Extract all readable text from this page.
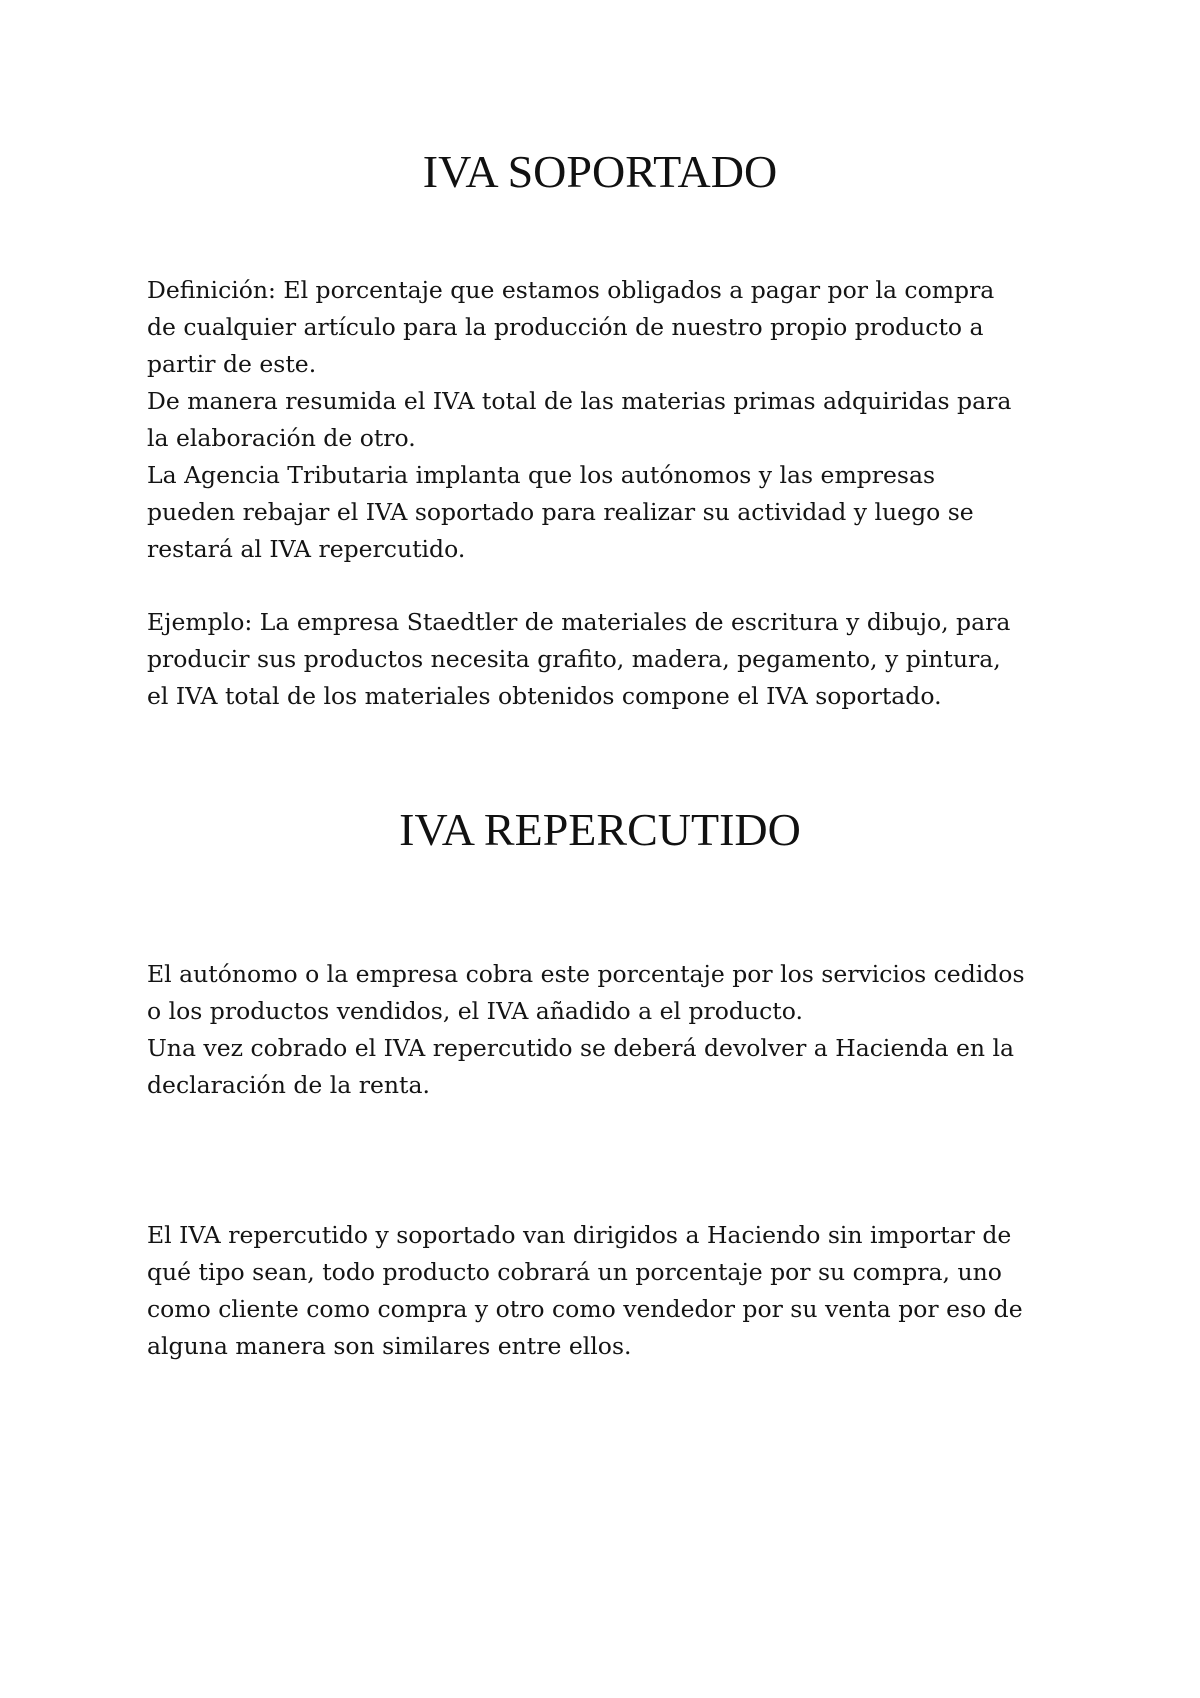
IVA SOPORTADO
Definición: El porcentaje que estamos obligados a pagar por la compra
de cualquier artículo para la producción de nuestro propio producto a
partir de este.
De manera resumida el IVA total de las materias primas adquiridas para
la elaboración de otro.
La Agencia Tributaria implanta que los autónomos y las empresas
pueden rebajar el IVA soportado para realizar su actividad y luego se
restará al IVA repercutido.
Ejemplo: La empresa Staedtler de materiales de escritura y dibujo, para
producir sus productos necesita grafito, madera, pegamento, y pintura,
el IVA total de los materiales obtenidos compone el IVA soportado.
IVA REPERCUTIDO
El autónomo o la empresa cobra este porcentaje por los servicios cedidos
o los productos vendidos, el IVA añadido a el producto.
Una vez cobrado el IVA repercutido se deberá devolver a Hacienda en la
declaración de la renta.
El IVA repercutido y soportado van dirigidos a Haciendo sin importar de
qué tipo sean, todo producto cobrará un porcentaje por su compra, uno
como cliente como compra y otro como vendedor por su venta por eso de
alguna manera son similares entre ellos.
